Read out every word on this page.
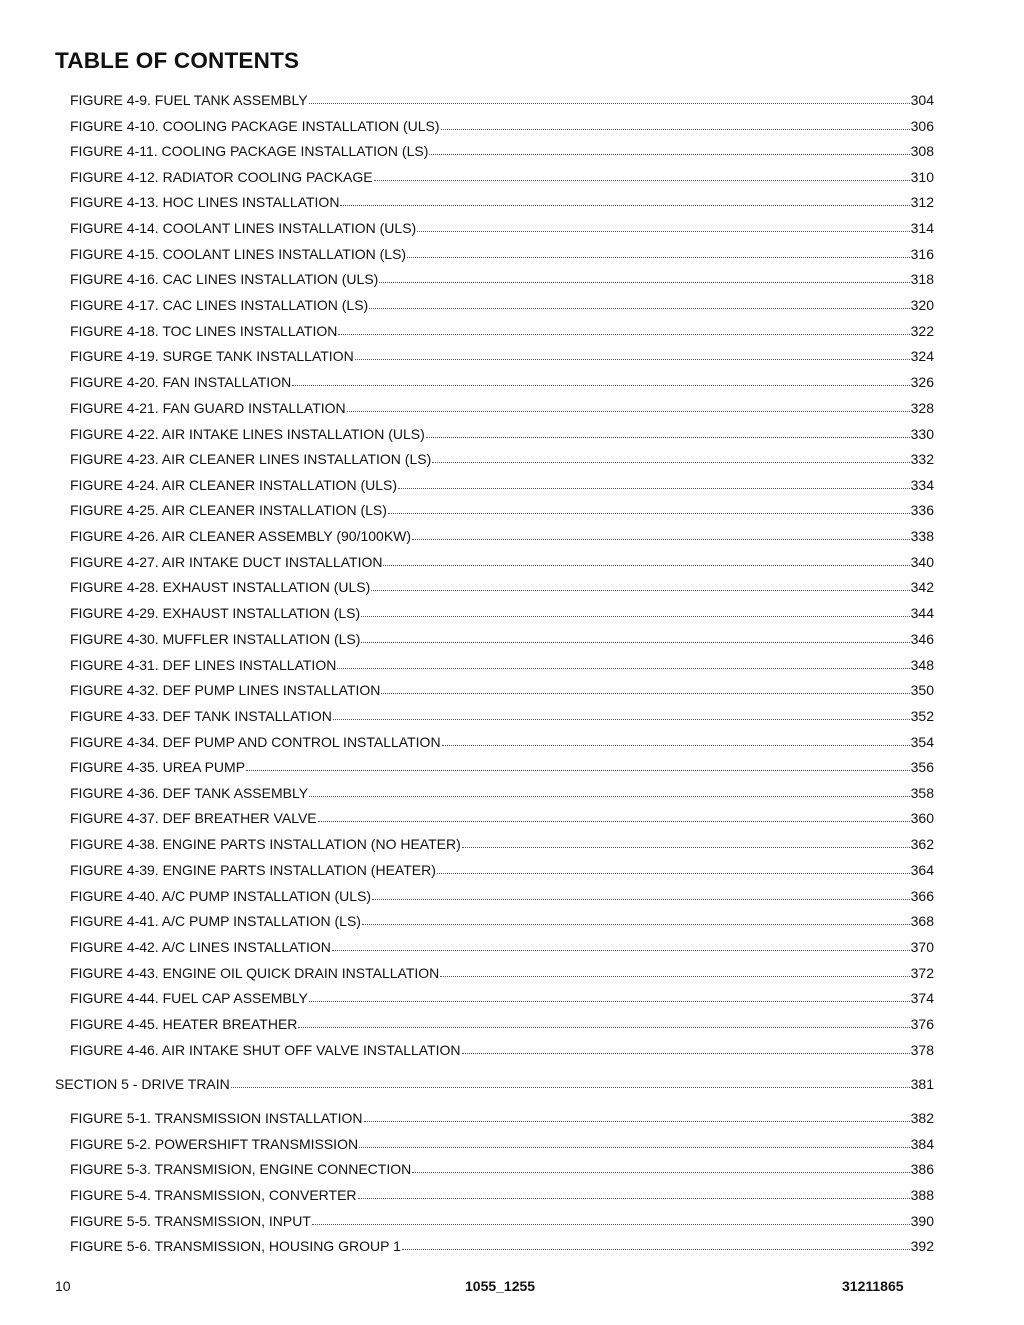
TABLE OF CONTENTS
FIGURE 4-9. FUEL TANK ASSEMBLY	304
FIGURE 4-10. COOLING PACKAGE INSTALLATION (ULS)	306
FIGURE 4-11. COOLING PACKAGE INSTALLATION (LS)	308
FIGURE 4-12. RADIATOR COOLING PACKAGE	310
FIGURE 4-13. HOC LINES INSTALLATION	312
FIGURE 4-14. COOLANT LINES INSTALLATION (ULS)	314
FIGURE 4-15. COOLANT LINES INSTALLATION (LS)	316
FIGURE 4-16. CAC LINES INSTALLATION (ULS)	318
FIGURE 4-17. CAC LINES INSTALLATION (LS)	320
FIGURE 4-18. TOC LINES INSTALLATION	322
FIGURE 4-19. SURGE TANK INSTALLATION	324
FIGURE 4-20. FAN INSTALLATION	326
FIGURE 4-21. FAN GUARD INSTALLATION	328
FIGURE 4-22. AIR INTAKE LINES INSTALLATION (ULS)	330
FIGURE 4-23. AIR CLEANER LINES INSTALLATION (LS)	332
FIGURE 4-24. AIR CLEANER INSTALLATION (ULS)	334
FIGURE 4-25. AIR CLEANER INSTALLATION (LS)	336
FIGURE 4-26. AIR CLEANER ASSEMBLY (90/100KW)	338
FIGURE 4-27. AIR INTAKE DUCT INSTALLATION	340
FIGURE 4-28. EXHAUST INSTALLATION (ULS)	342
FIGURE 4-29. EXHAUST INSTALLATION (LS)	344
FIGURE 4-30. MUFFLER INSTALLATION (LS)	346
FIGURE 4-31. DEF LINES INSTALLATION	348
FIGURE 4-32. DEF PUMP LINES INSTALLATION	350
FIGURE 4-33. DEF TANK INSTALLATION	352
FIGURE 4-34. DEF PUMP AND CONTROL INSTALLATION	354
FIGURE 4-35. UREA PUMP	356
FIGURE 4-36. DEF TANK ASSEMBLY	358
FIGURE 4-37. DEF BREATHER VALVE	360
FIGURE 4-38. ENGINE PARTS INSTALLATION (NO HEATER)	362
FIGURE 4-39. ENGINE PARTS INSTALLATION (HEATER)	364
FIGURE 4-40. A/C PUMP INSTALLATION (ULS)	366
FIGURE 4-41. A/C PUMP INSTALLATION (LS)	368
FIGURE 4-42. A/C LINES INSTALLATION	370
FIGURE 4-43. ENGINE OIL QUICK DRAIN INSTALLATION	372
FIGURE 4-44. FUEL CAP ASSEMBLY	374
FIGURE 4-45. HEATER BREATHER	376
FIGURE 4-46. AIR INTAKE SHUT OFF VALVE INSTALLATION	378
SECTION 5 - DRIVE TRAIN	381
FIGURE 5-1. TRANSMISSION INSTALLATION	382
FIGURE 5-2. POWERSHIFT TRANSMISSION	384
FIGURE 5-3. TRANSMISION, ENGINE CONNECTION	386
FIGURE 5-4. TRANSMISSION, CONVERTER	388
FIGURE 5-5. TRANSMISSION, INPUT	390
FIGURE 5-6. TRANSMISSION, HOUSING GROUP 1	392
10	1055_1255	31211865
